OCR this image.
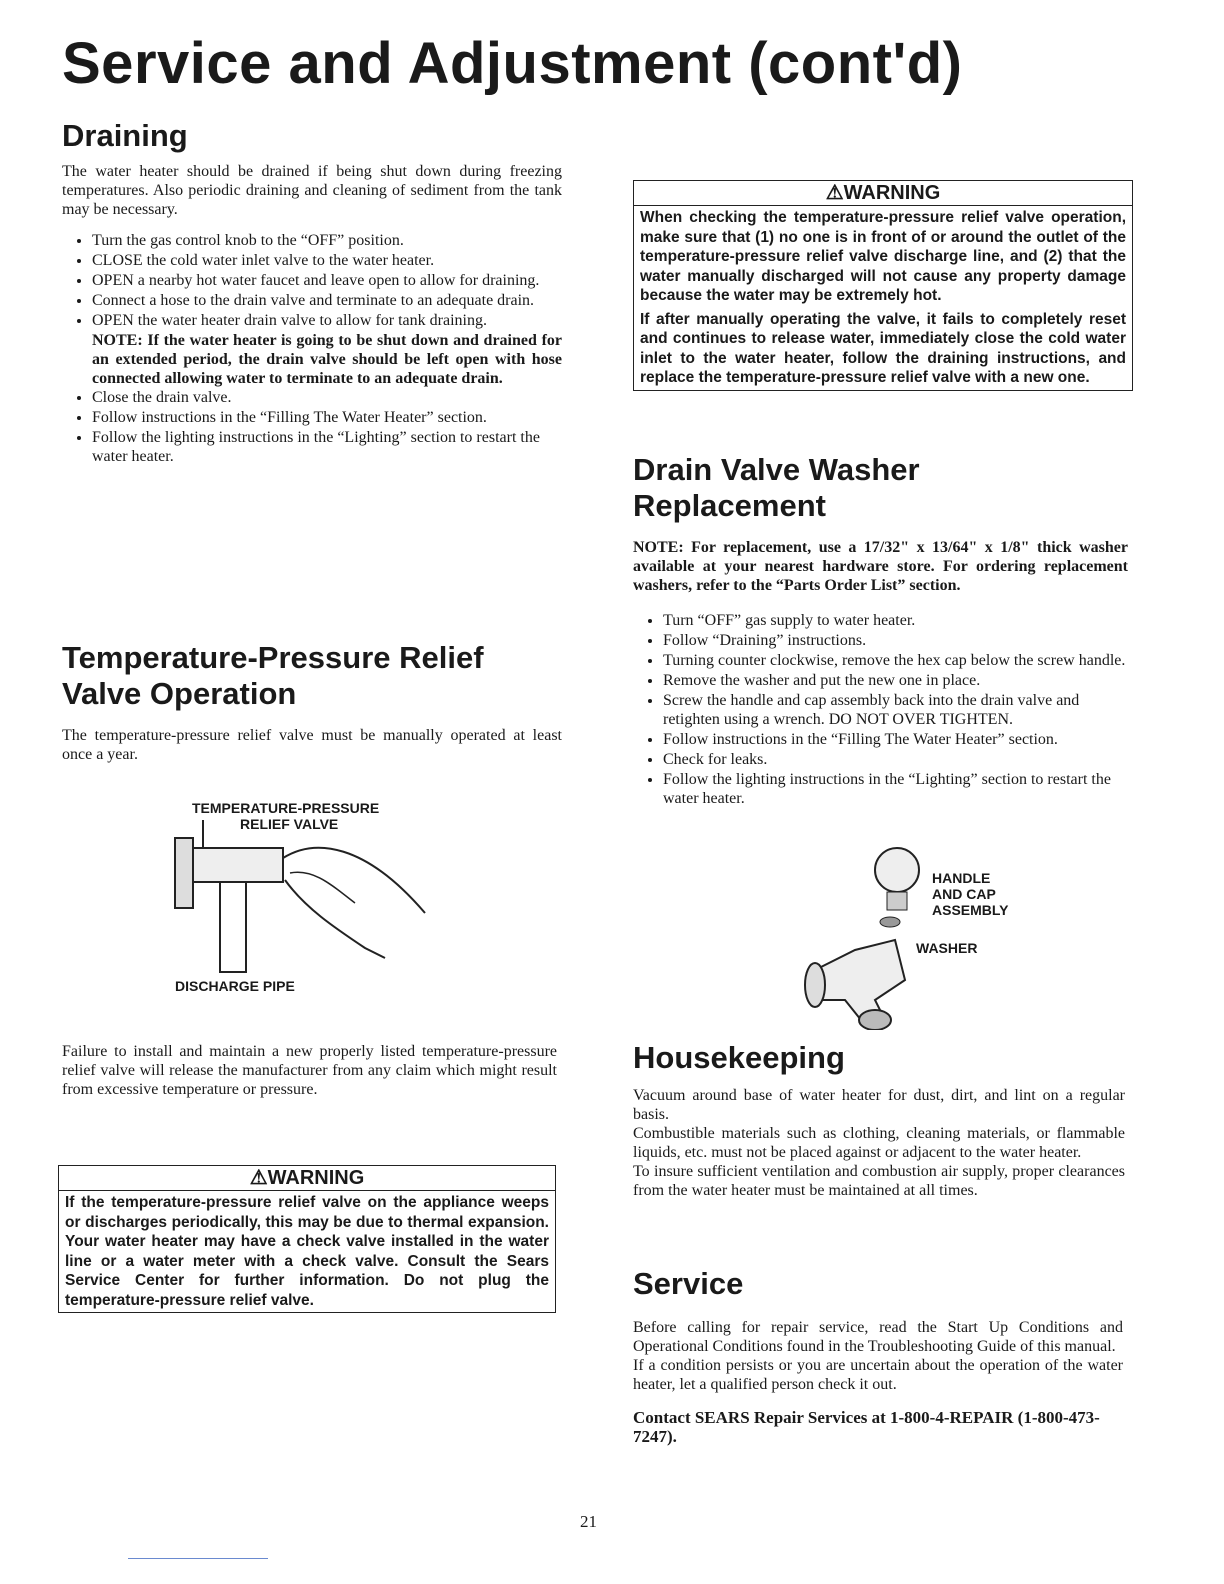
Service and Adjustment (cont'd)
Draining

The water heater should be drained if being shut down during freezing temperatures. Also periodic draining and cleaning of sediment from the tank may be necessary.

• Turn the gas control knob to the “OFF” position.
• CLOSE the cold water inlet valve to the water heater.
• OPEN a nearby hot water faucet and leave open to allow for draining.
• Connect a hose to the drain valve and terminate to an adequate drain.
• OPEN the water heater drain valve to allow for tank draining.

NOTE: If the water heater is going to be shut down and drained for an extended period, the drain valve should be left open with hose connected allowing water to terminate to an adequate drain.

• Close the drain valve.
• Follow instructions in the “Filling The Water Heater” section.
• Follow the lighting instructions in the “Lighting” section to restart the water heater.
Temperature-Pressure Relief
Valve Operation

The temperature-pressure relief valve must be manually operated at least once a year.

TEMPERATURE-PRESSURE
RELIEF VALVE
DISCHARGE PIPE

Failure to install and maintain a new properly listed temperature-pressure relief valve will release the manufacturer from any claim which might result from excessive temperature or pressure.

⚠WARNING

If the temperature-pressure relief valve on the appliance weeps or discharges periodically, this may be due to thermal expansion. Your water heater may have a check valve installed in the water line or a water meter with a check valve. Consult the Sears Service Center for further information. Do not plug the temperature-pressure relief valve.

⚠WARNING

When checking the temperature-pressure relief valve operation, make sure that (1) no one is in front of or around the outlet of the temperature-pressure relief valve discharge line, and (2) that the water manually discharged will not cause any property damage because the water may be extremely hot.

If after manually operating the valve, it fails to completely reset and continues to release water, immediately close the cold water inlet to the water heater, follow the draining instructions, and replace the temperature-pressure relief valve with a new one.

Drain Valve Washer
Replacement

NOTE: For replacement, use a 17/32" x 13/64" x 1/8" thick washer available at your nearest hardware store. For ordering replacement washers, refer to the “Parts Order List” section.

• Turn “OFF” gas supply to water heater.
• Follow “Draining” instructions.
• Turning counter clockwise, remove the hex cap below the screw handle.
• Remove the washer and put the new one in place.
• Screw the handle and cap assembly back into the drain valve and retighten using a wrench. DO NOT OVER TIGHTEN.
• Follow instructions in the “Filling The Water Heater” section.
• Check for leaks.
• Follow the lighting instructions in the “Lighting” section to restart the water heater.
HANDLE
AND CAP
ASSEMBLY
WASHER
Housekeeping

Vacuum around base of water heater for dust, dirt, and lint on a regular basis.

Combustible materials such as clothing, cleaning materials, or flammable liquids, etc. must not be placed against or adjacent to the water heater.

To insure sufficient ventilation and combustion air supply, proper clearances from the water heater must be maintained at all times.

Service

Before calling for repair service, read the Start Up Conditions and Operational Conditions found in the Troubleshooting Guide of this manual.

If a condition persists or you are uncertain about the operation of the water heater, let a qualified person check it out.

Contact SEARS Repair Services at 1-800-4-REPAIR (1-800-473-7247).

21
